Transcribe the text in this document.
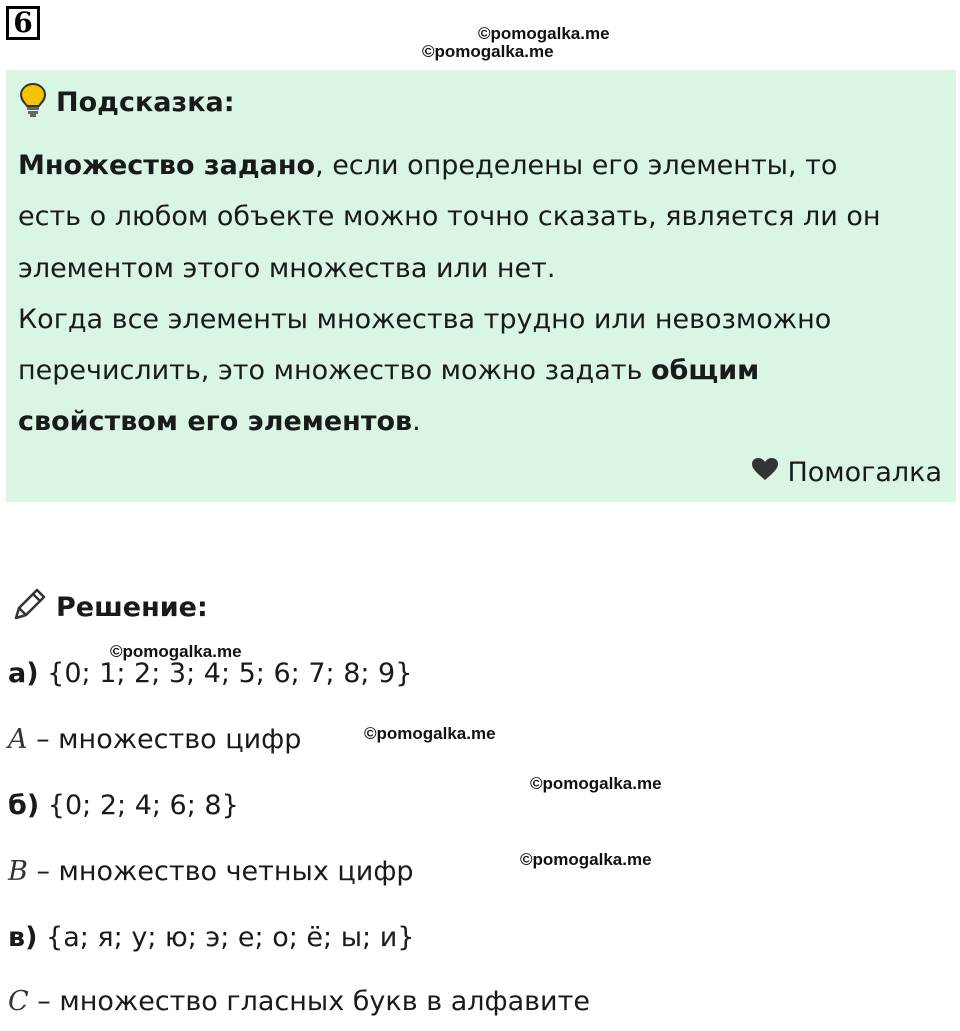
6	©pomogalka.me
©pomogalka.me
Подсказка:
Множество задано, если определены его элементы, то
есть о любом объекте можно точно сказать, является ли он
элементом этого множества или нет.
Когда все элементы множества трудно или невозможно
перечислить, это множество можно задать общим
свойством его элементов.
Помогалка
Решение:
©pomogalka.me
а) {0; 1; 2; 3; 4; 5; 6; 7; 8; 9}
A – множество цифр	©pomogalka.me
©pomogalka.me
б) {0; 2; 4; 6; 8}
©pomogalka.me
B – множество четных цифр
в) {а; я; у; ю; э; е; о; ё; ы; и}
C – множество гласных букв в алфавите
